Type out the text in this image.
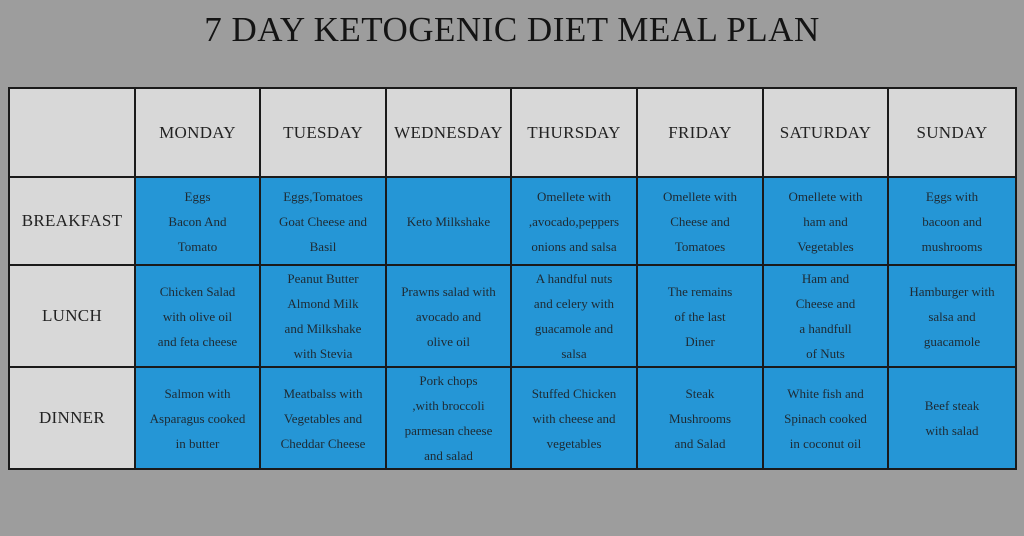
7 DAY KETOGENIC DIET MEAL PLAN
	MONDAY	TUESDAY	WEDNESDAY	THURSDAY	FRIDAY	SATURDAY	SUNDAY
BREAKFAST	Eggs
Bacon And
Tomato	Eggs,Tomatoes
Goat Cheese and
Basil	Keto Milkshake	Omellete with
,avocado,peppers
onions and salsa	Omellete with
Cheese and
Tomatoes	Omellete with
ham and
Vegetables	Eggs with
bacoon and
mushrooms

LUNCH	Chicken Salad
with olive oil
and feta cheese	Peanut Butter
Almond Milk
and Milkshake
with Stevia	Prawns salad with
avocado and
olive oil	A handful nuts
and celery with
guacamole and
salsa	The remains
of the last
Diner	Ham and
Cheese and
a handfull
of Nuts	Hamburger with
salsa and
guacamole

DINNER	Salmon with
Asparagus cooked
in butter	Meatbalss with
Vegetables and
Cheddar Cheese	Pork chops
,with broccoli
parmesan cheese
and salad	Stuffed Chicken
with cheese and
vegetables	Steak
Mushrooms
and Salad	White fish and
Spinach cooked
in coconut oil	Beef steak
with salad
